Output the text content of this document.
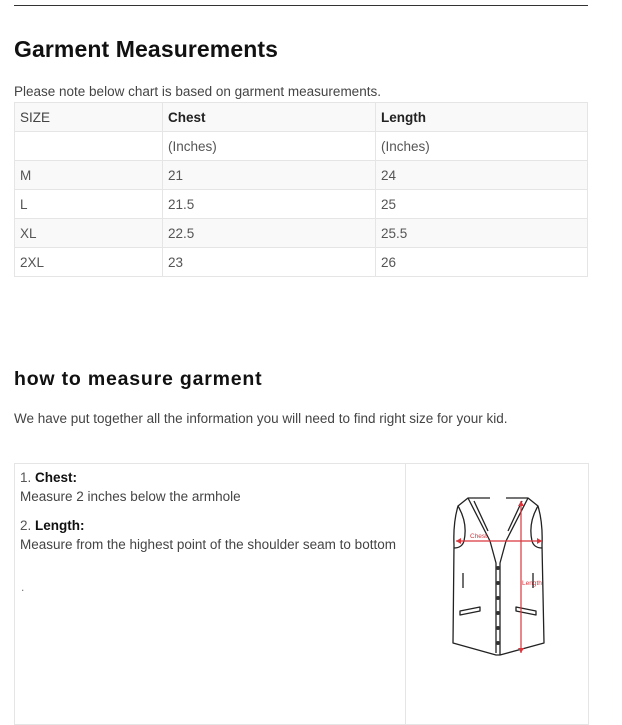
Garment Measurements
Please note below chart is based on garment measurements.
SIZE	Chest	Length
	(Inches)	(Inches)
M	21	24
L	21.5	25
XL	22.5	25.5
2XL	23	26
how to measure garment
We have put together all the information you will need to find right size for your kid.
1. Chest:
Measure 2 inches below the armhole
2. Length:
Measure from the highest point of the shoulder seam to bottom
.
Chest
Length
